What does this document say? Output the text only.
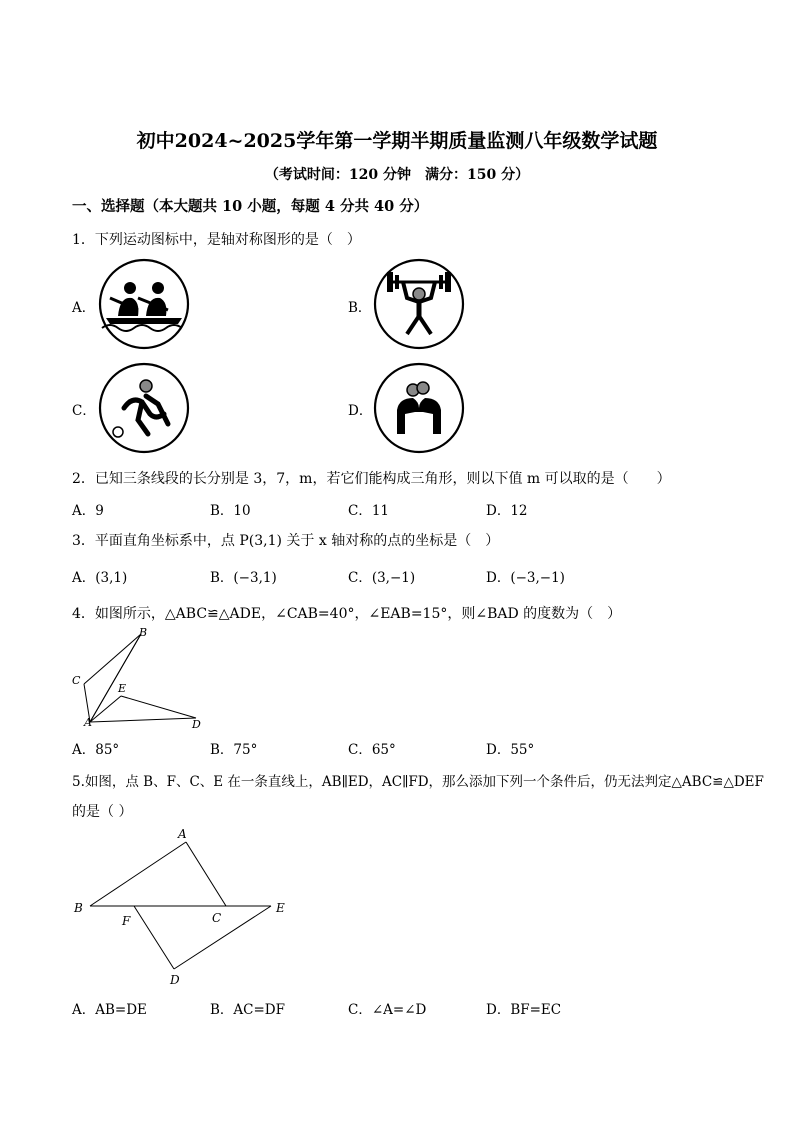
初中2024~2025学年第一学期半期质量监测八年级数学试题
（考试时间：120 分钟　满分：150 分）
一、选择题（本大题共 10 小题，每题 4 分共 40 分）
1．下列运动图标中，是轴对称图形的是（　）
A．	B．
C．	D．
2．已知三条线段的长分别是 3，7，m，若它们能构成三角形，则以下值 m 可以取的是（　　）
A．9	B．10	C．11	D．12
3．平面直角坐标系中，点 P(3,1) 关于 x 轴对称的点的坐标是（　）
A．(3,1)	B．(−3,1)	C．(3,−1)	D．(−3,−1)
4．如图所示，△ABC≌△ADE，∠CAB=40°，∠EAB=15°，则∠BAD 的度数为（　）
B
C
E
A	D
A．85°	B．75°	C．65°	D．55°
5.如图，点 B、F、C、E 在一条直线上，AB∥ED，AC∥FD，那么添加下列一个条件后，仍无法判定△ABC≌△DEF
的是（ ）
A
B
F	C
E
D
A．AB=DE	B．AC=DF	C．∠A=∠D	D．BF=EC
